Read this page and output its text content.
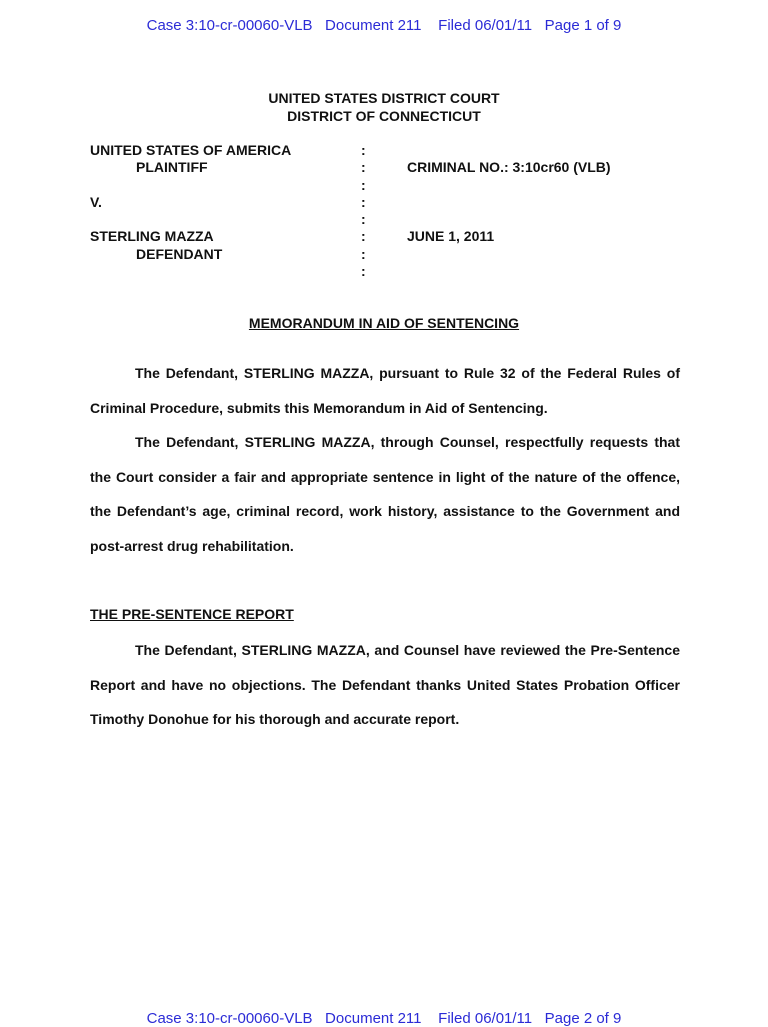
Case 3:10-cr-00060-VLB   Document 211    Filed 06/01/11   Page 1 of 9
UNITED STATES DISTRICT COURT
DISTRICT OF CONNECTICUT
UNITED STATES OF AMERICA
PLAINTIFF
V.
STERLING MAZZA
DEFENDANT
:
:
:
:
:
:
:
:
CRIMINAL NO.: 3:10cr60 (VLB)
JUNE 1, 2011
MEMORANDUM IN AID OF SENTENCING
The Defendant, STERLING MAZZA, pursuant to Rule 32 of the Federal Rules of Criminal Procedure, submits this Memorandum in Aid of Sentencing.
The Defendant, STERLING MAZZA, through Counsel, respectfully requests that the Court consider a fair and appropriate sentence in light of the nature of the offence, the Defendant’s age, criminal record, work history, assistance to the Government and post-arrest drug rehabilitation.
THE PRE-SENTENCE REPORT
The Defendant, STERLING MAZZA, and Counsel have reviewed the Pre-Sentence Report and have no objections. The Defendant thanks United States Probation Officer Timothy Donohue for his thorough and accurate report.
Case 3:10-cr-00060-VLB   Document 211    Filed 06/01/11   Page 2 of 9
